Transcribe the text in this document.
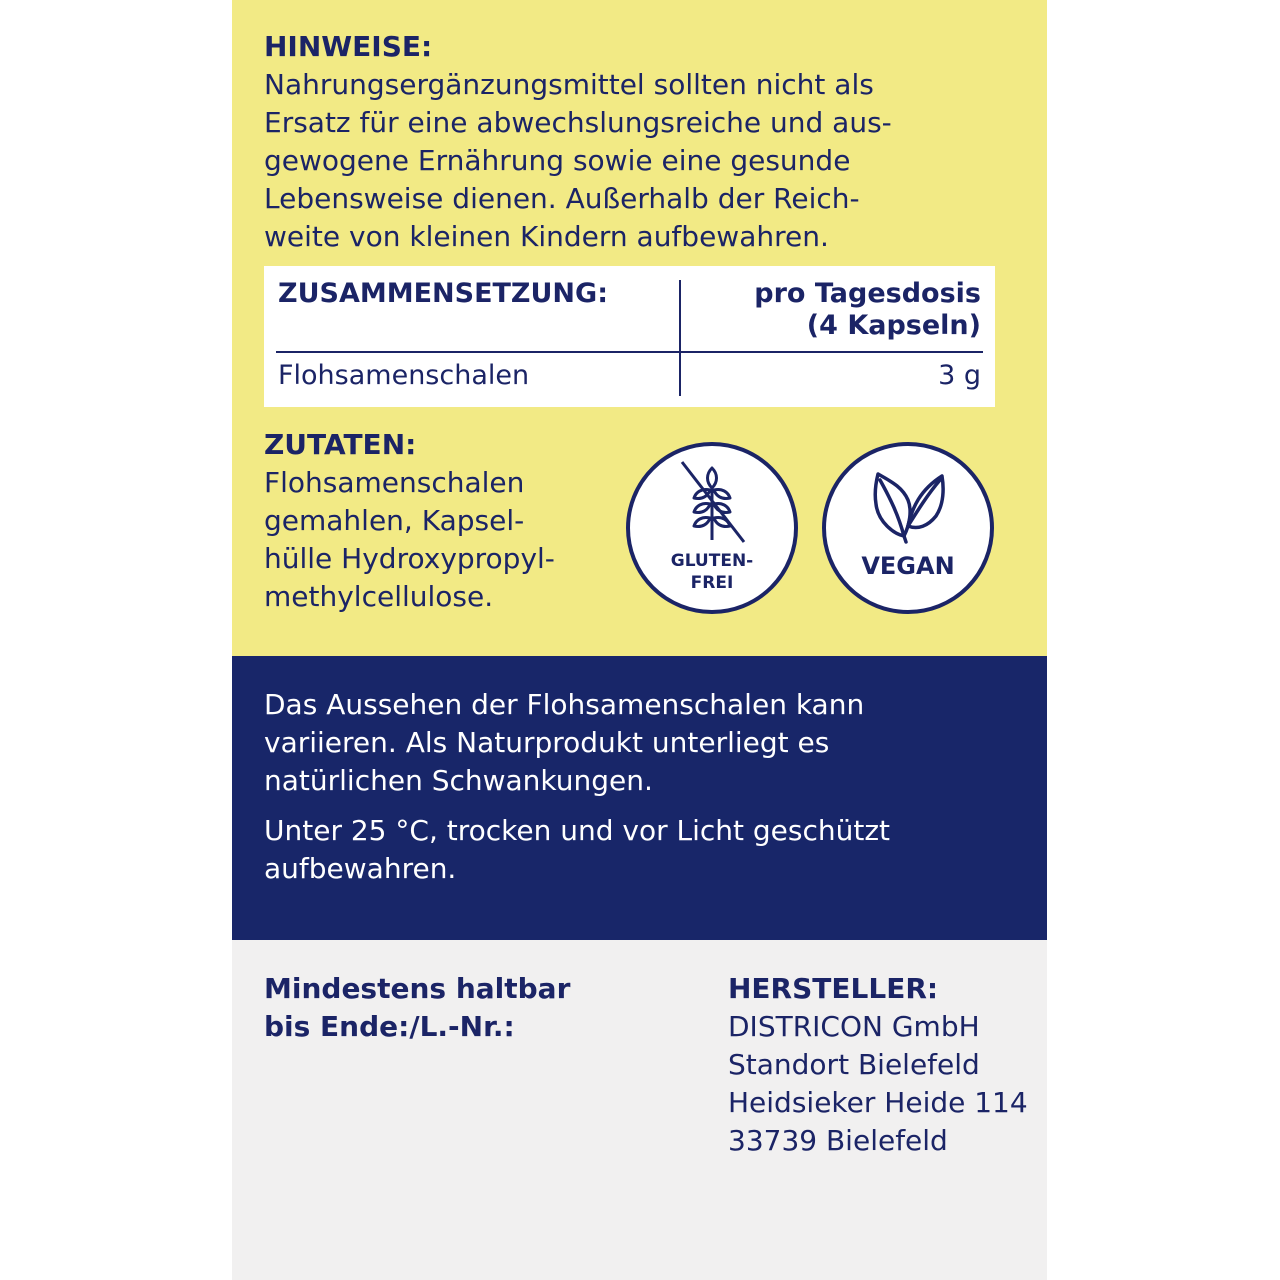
HINWEISE:
Nahrungsergänzungsmittel sollten nicht als
Ersatz für eine abwechslungsreiche und aus-
gewogene Ernährung sowie eine gesunde
Lebensweise dienen. Außerhalb der Reich-
weite von kleinen Kindern aufbewahren.
ZUSAMMENSETZUNG:	pro Tagesdosis
(4 Kapseln)
Flohsamenschalen	3 g
ZUTATEN:
Flohsamenschalen
gemahlen, Kapsel-
hülle Hydroxypropyl-
methylcellulose.
GLUTEN-
FREI
VEGAN
Das Aussehen der Flohsamenschalen kann
variieren. Als Naturprodukt unterliegt es
natürlichen Schwankungen.
Unter 25 °C, trocken und vor Licht geschützt
aufbewahren.
Mindestens haltbar
bis Ende:/L.-Nr.:
HERSTELLER:
DISTRICON GmbH
Standort Bielefeld
Heidsieker Heide 114
33739 Bielefeld
